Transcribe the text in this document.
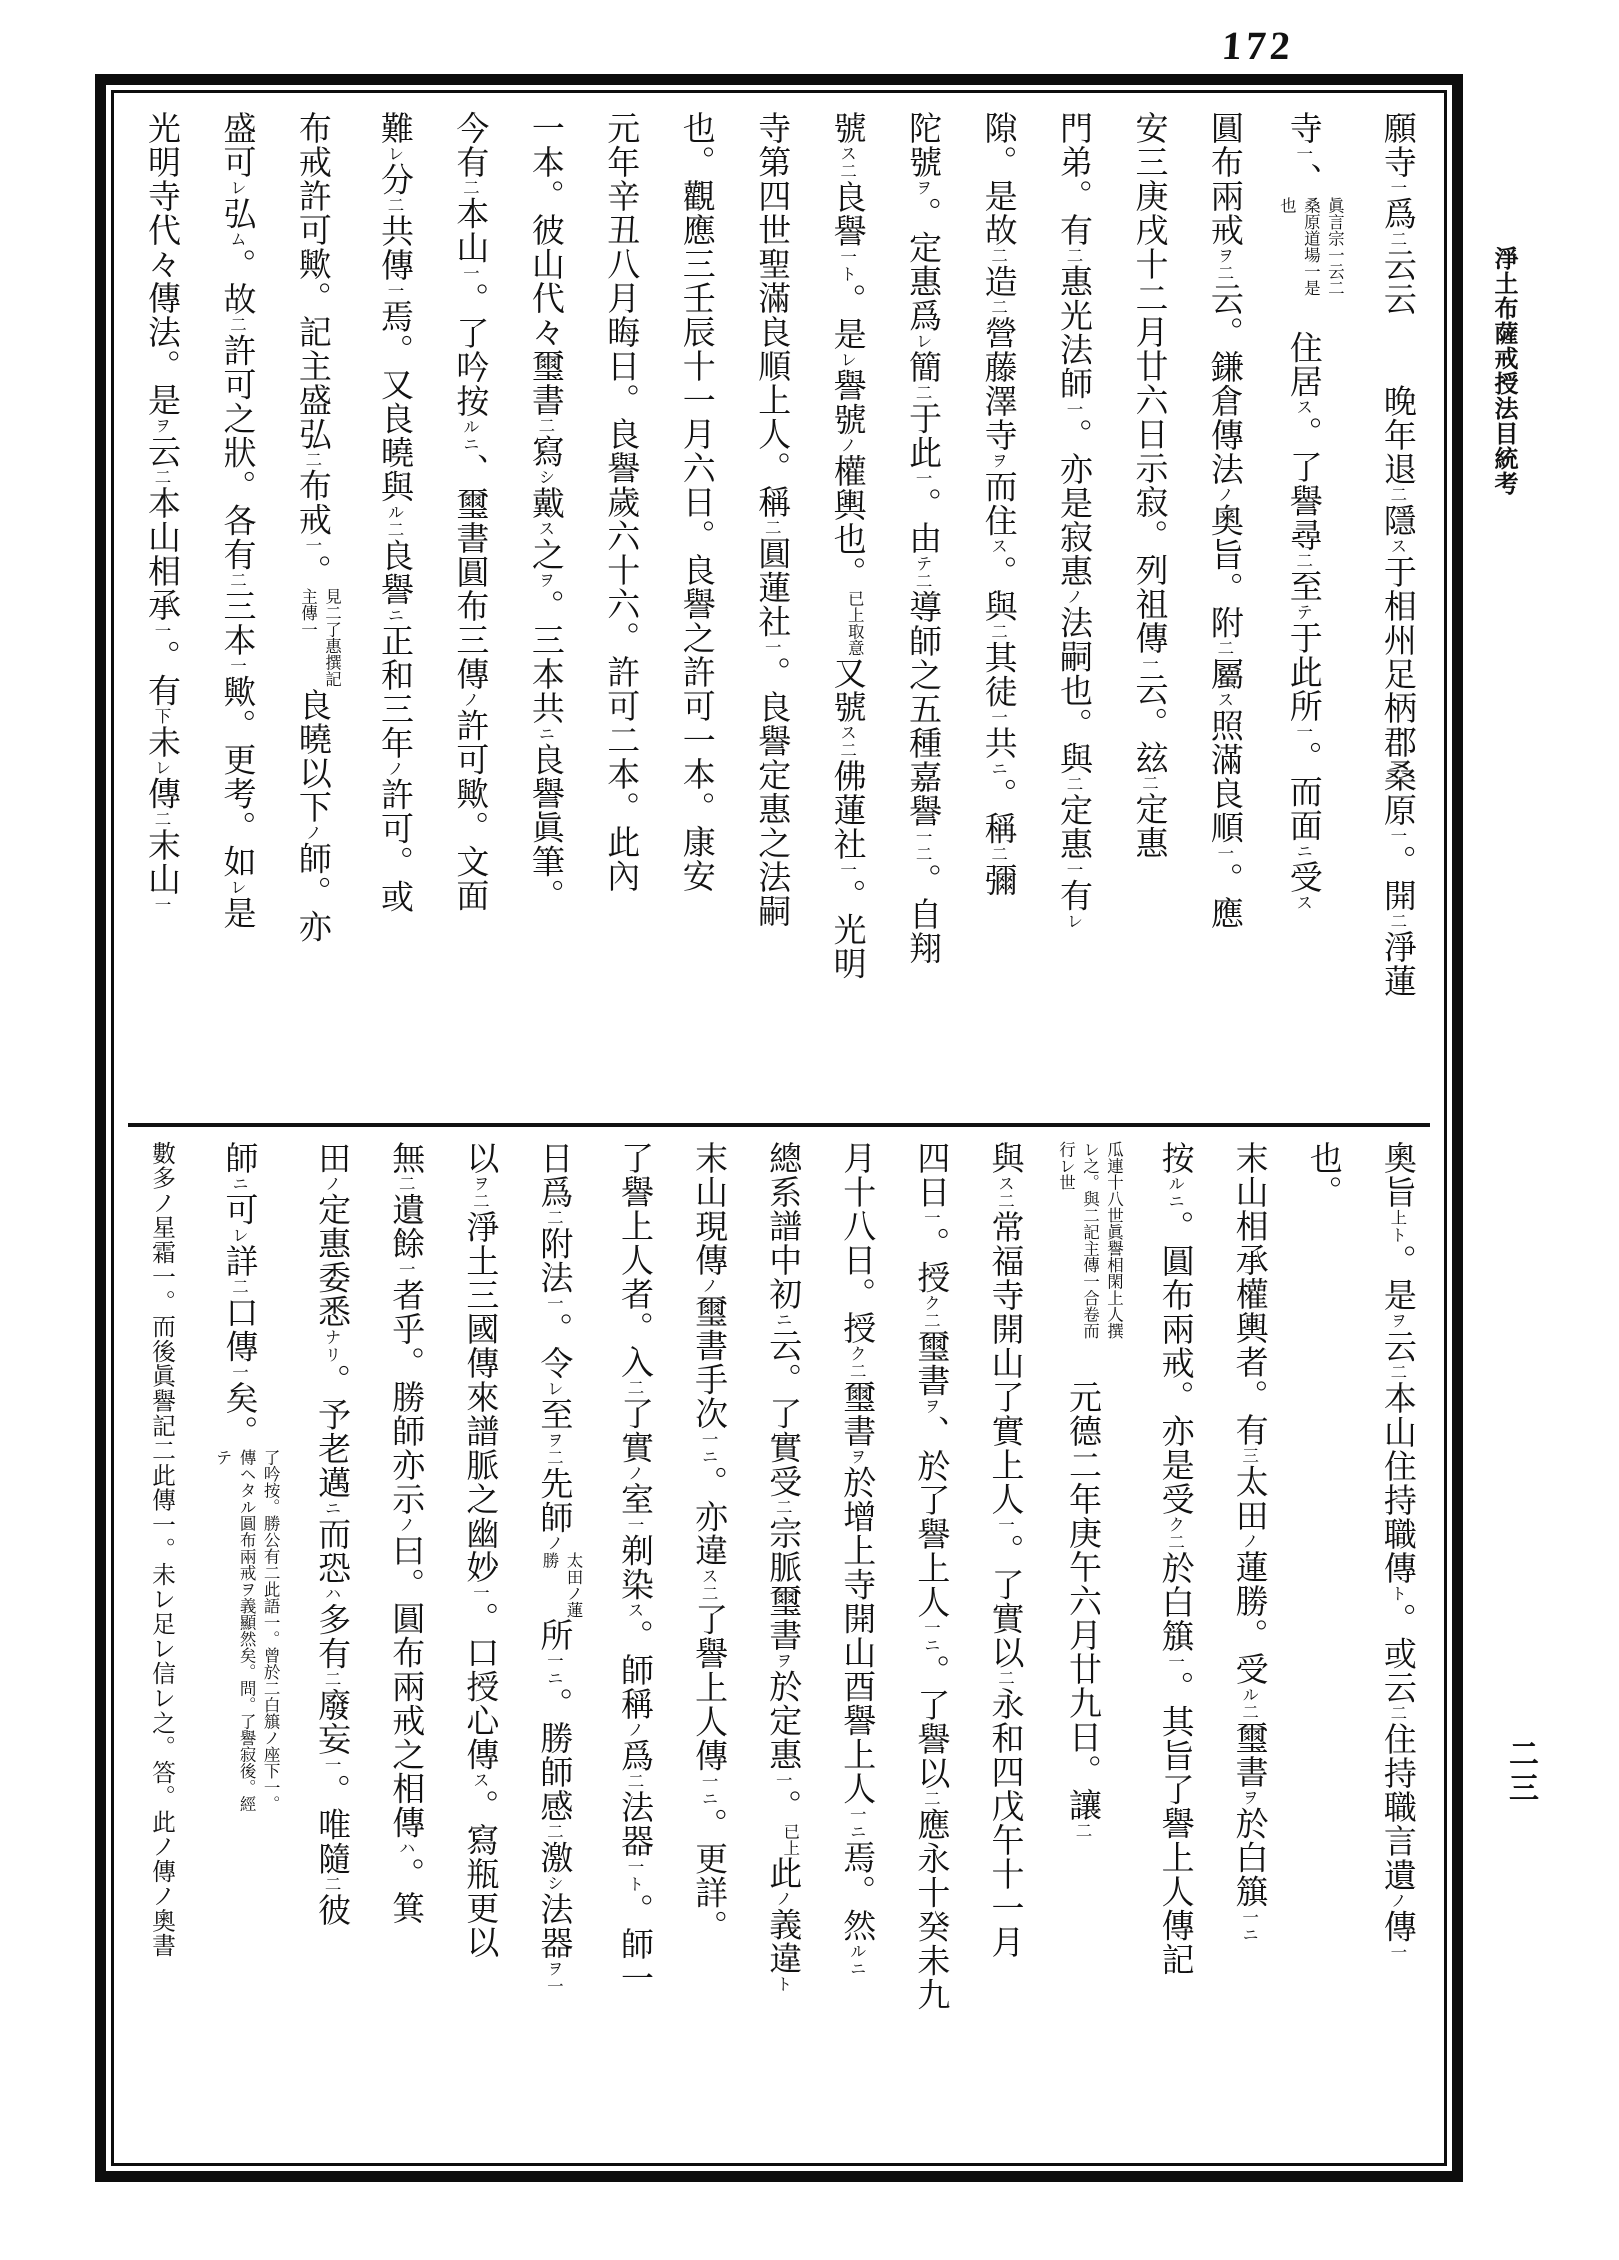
172
願寺一爲二云云　　晚年退二隱ス于相州足柄郡桑原一。開二淨蓮
寺一、眞言宗一云二桑原道場一是也　住居ス。了譽尋二至テ于此所一。而面ニ受ス
圓布兩戒ヲ二云。鎌倉傳法ノ奧旨。附二屬ス照滿良順一。應
安三庚戌十二月廿六日示寂。列祖傳一云。玆二定惠
門弟。有二惠光法師一。亦是寂惠ノ法嗣也。與二定惠一有レ
隙。是故二造二營藤澤寺ヲ而住ス。與二其徒一共ニ。稱二彌
陀號ヲ。定惠爲レ簡二于此一。由テ二導師之五種嘉譽一二。自翔
號ス二良譽一ト。是レ譽號ノ權輿也。已上取意又號ス二佛蓮社一。光明
寺第四世聖滿良順上人。稱二圓蓮社一。良譽定惠之法嗣
也。觀應三壬辰十一月六日。良譽之許可一本。康安
元年辛丑八月晦日。良譽歲六十六。許可二本。此內
一本。彼山代々璽書二寫シ戴ス之ヲ。三本共ニ良譽眞筆。
今有二本山一。了吟按ルニ、璽書圓布三傳ノ許可歟。文面
難レ分二共傳一焉。又良曉與ル二良譽ニ正和三年ノ許可。或
布戒許可歟。記主盛弘二布戒一。見二了惠撰記主傳一良曉以下ノ師。亦
盛可レ弘ム。故二許可之狀。各有二三本一歟。更考。如レ是
光明寺代々傳法。是ヲ云二本山相承一。有下未レ傳二末山一
奧旨上ト。是ヲ云二本山住持職傳ト。或云二住持職言遺ノ傳一
也。
末山相承權輿者。有三太田ノ蓮勝。受ル二璽書ヲ於白簱一ニ
按ルニ。圓布兩戒。亦是受ク二於白簱一。其旨了譽上人傳記
瓜連十八世眞譽相閑上人撰レ之。與二記主傳一合卷而行レ世　元德二年庚午六月廿九日。讓二
與ス二常福寺開山了實上人一。了實以二永和四戊午十一月
四日一。授ク二璽書ヲ、於了譽上人一ニ。了譽以二應永十癸未九
月十八日。授ク二璽書ヲ於增上寺開山酉譽上人一ニ焉。然ルニ
總系譜中初ニ云。了實受二宗脈璽書ヲ於定惠一。已上此ノ義違ト
末山現傳ノ璽書手次一ニ。亦違ス二了譽上人傳一ニ。更詳。
了譽上人者。入二了實ノ室一剃染ス。師稱ノ爲二法器一ト。師一
日爲二附法一。令レ至ヲ二先師ノ太田ノ蓮勝所一ニ。勝師感二激シ法器ヲ一
以ヲ二淨土三國傳來譜脈之幽妙一。口授心傳ス。寫瓶更以
無二遺餘一者乎。勝師亦示ノ曰。圓布兩戒之相傳ハ。箕
田ノ定惠委悉ナリ。予老邁ニ而恐ハ多有二廢妄一。唯隨二彼
師ニ可レ詳二口傳一矣。了吟按。勝公有二此語一。曾於二白簱ノ座下一。傳ヘタル圓布兩戒ヲ義顯然矣。問。了譽寂後。經テ
數多ノ星霜一。而後眞譽記二此傳一。未レ足レ信レ之。答。此ノ傳ノ奧書
淨土布薩戒授法目統考
二三
